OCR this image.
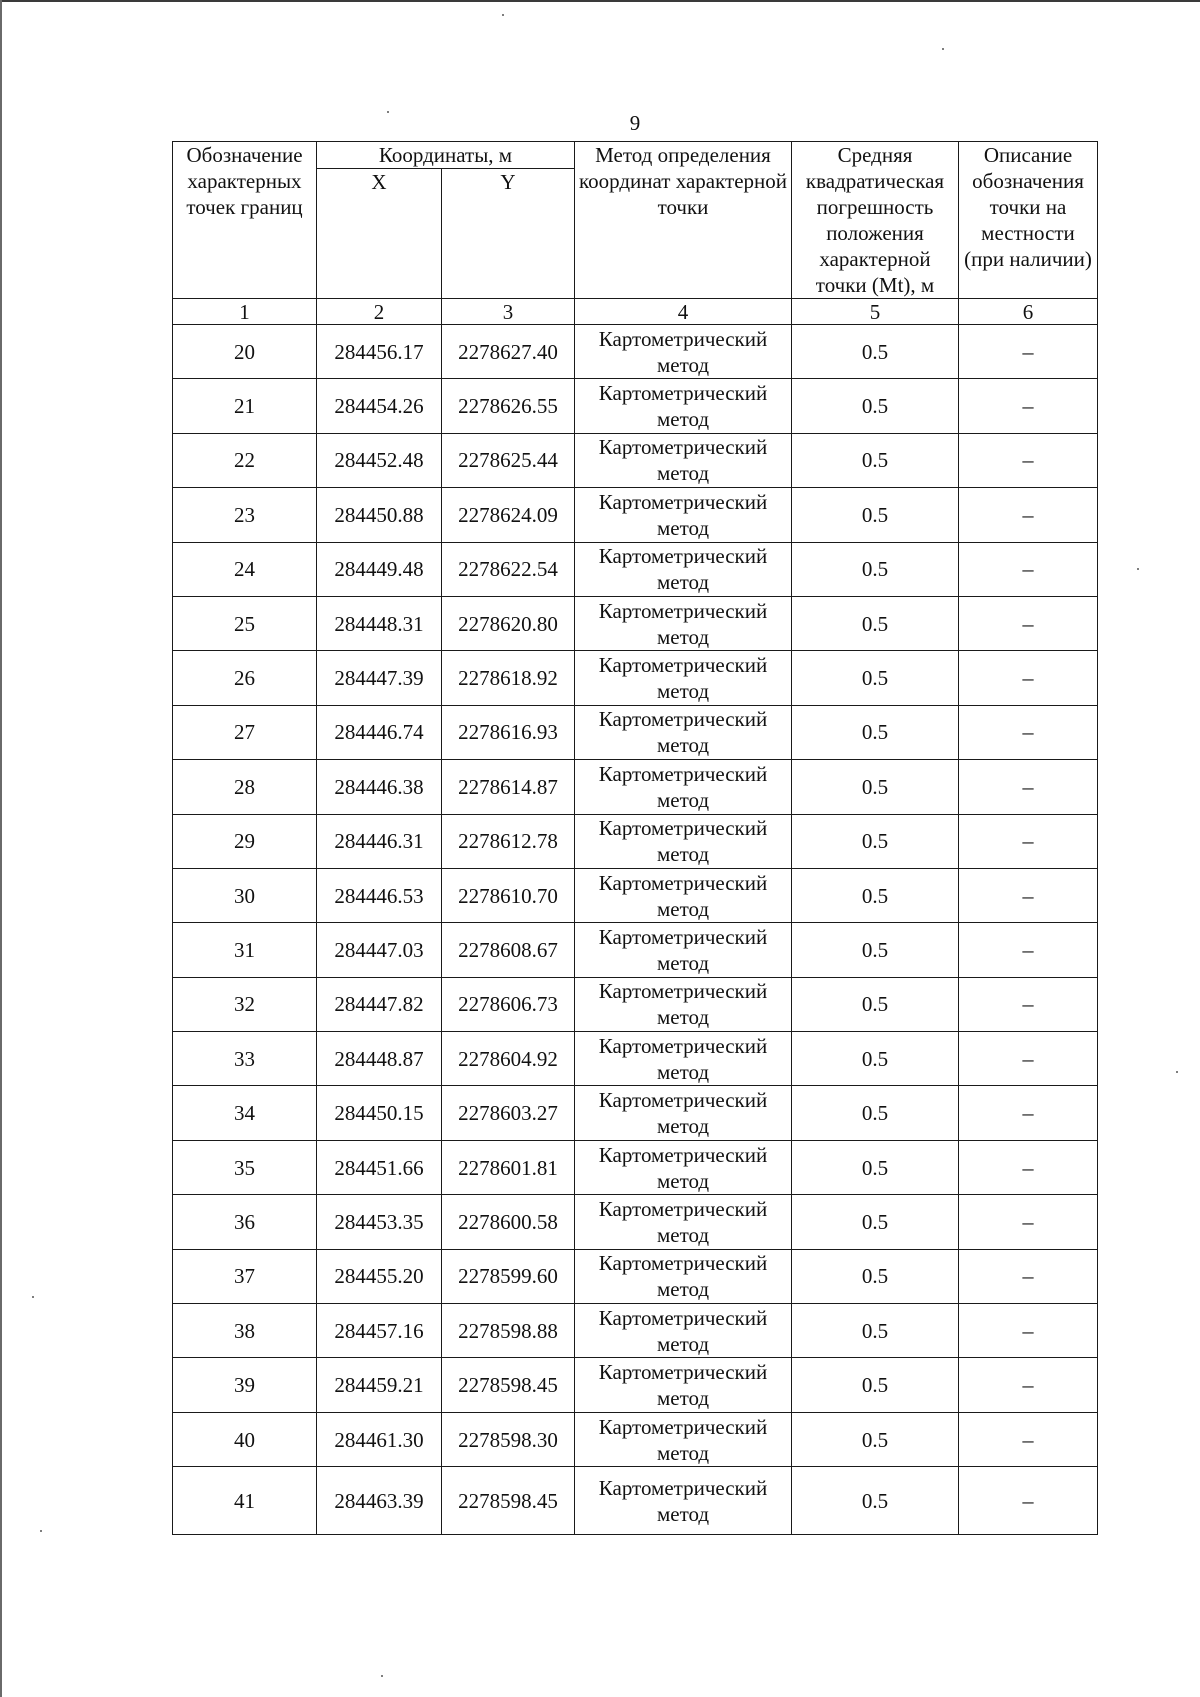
9
Обозначение характерных точек границ	Координаты, м		Метод определения координат характерной точки	Средняя квадратическая погрешность положения характерной точки (Mt), м	Описание обозначения точки на местности (при наличии)
	X	Y			
1	2	3	4	5	6
20	284456.17	2278627.40	Картометрический метод	0.5	–
21	284454.26	2278626.55	Картометрический метод	0.5	–
22	284452.48	2278625.44	Картометрический метод	0.5	–
23	284450.88	2278624.09	Картометрический метод	0.5	–
24	284449.48	2278622.54	Картометрический метод	0.5	–
25	284448.31	2278620.80	Картометрический метод	0.5	–
26	284447.39	2278618.92	Картометрический метод	0.5	–
27	284446.74	2278616.93	Картометрический метод	0.5	–
28	284446.38	2278614.87	Картометрический метод	0.5	–
29	284446.31	2278612.78	Картометрический метод	0.5	–
30	284446.53	2278610.70	Картометрический метод	0.5	–
31	284447.03	2278608.67	Картометрический метод	0.5	–
32	284447.82	2278606.73	Картометрический метод	0.5	–
33	284448.87	2278604.92	Картометрический метод	0.5	–
34	284450.15	2278603.27	Картометрический метод	0.5	–
35	284451.66	2278601.81	Картометрический метод	0.5	–
36	284453.35	2278600.58	Картометрический метод	0.5	–
37	284455.20	2278599.60	Картометрический метод	0.5	–
38	284457.16	2278598.88	Картометрический метод	0.5	–
39	284459.21	2278598.45	Картометрический метод	0.5	–
40	284461.30	2278598.30	Картометрический метод	0.5	–
41	284463.39	2278598.45	Картометрический метод	0.5	–
